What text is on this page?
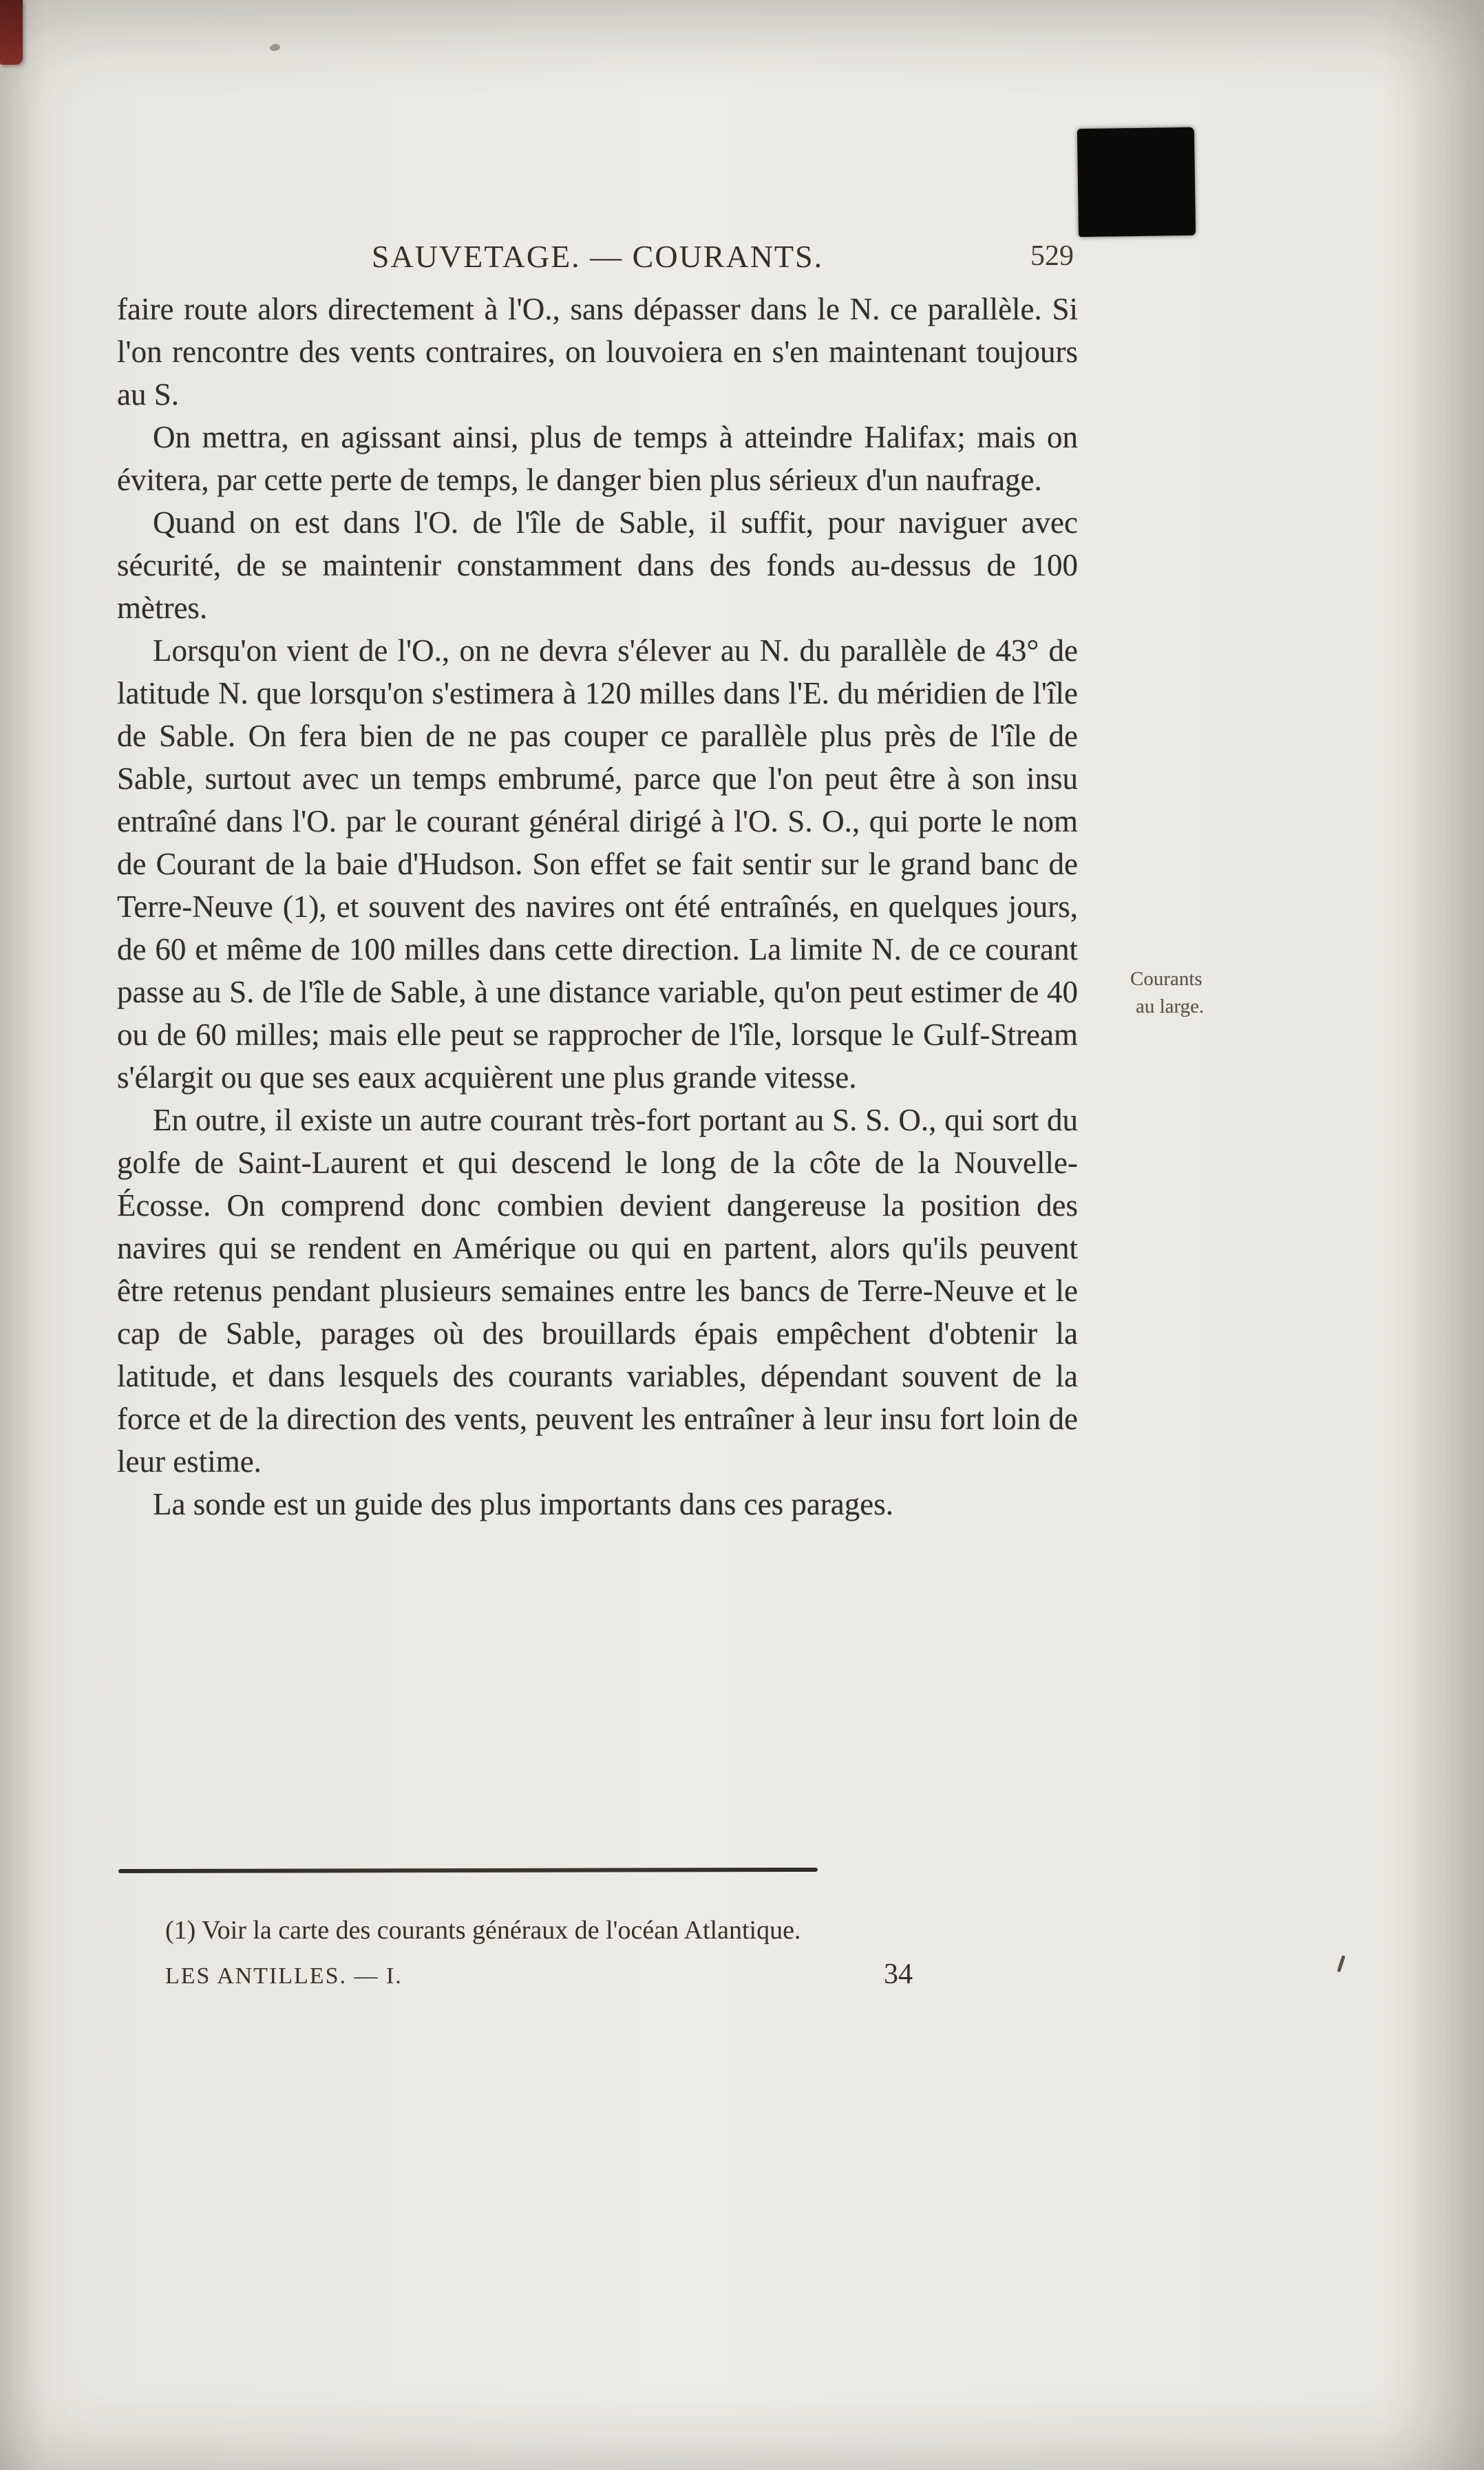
SAUVETAGE. — COURANTS.	529

faire route alors directement à l'O., sans dépasser dans le N. ce parallèle. Si l'on rencontre des vents contraires, on louvoiera en s'en maintenant toujours au S.

On mettra, en agissant ainsi, plus de temps à atteindre Halifax; mais on évitera, par cette perte de temps, le danger bien plus sérieux d'un naufrage.

Quand on est dans l'O. de l'île de Sable, il suffit, pour naviguer avec sécurité, de se maintenir constamment dans des fonds au-dessus de 100 mètres.

Lorsqu'on vient de l'O., on ne devra s'élever au N. du parallèle de 43° de latitude N. que lorsqu'on s'estimera à 120 milles dans l'E. du méridien de l'île de Sable. On fera bien de ne pas couper ce parallèle plus près de l'île de Sable, surtout avec un temps embrumé, parce que l'on peut être à son insu entraîné dans l'O. par le courant général dirigé à l'O. S. O., qui porte le nom de Courant de la baie d'Hudson. Son effet se fait sentir sur le grand banc de Terre-Neuve (1), et souvent des navires ont été entraînés, en quelques jours, de 60 et même de 100 milles dans cette direction. La limite N. de ce courant passe au S. de l'île de Sable, à une distance variable, qu'on peut estimer de 40 ou de 60 milles; mais elle peut se rapprocher de l'île, lorsque le Gulf-Stream s'élargit ou que ses eaux acquièrent une plus grande vitesse.

En outre, il existe un autre courant très-fort portant au S. S. O., qui sort du golfe de Saint-Laurent et qui descend le long de la côte de la Nouvelle-Écosse. On comprend donc combien devient dangereuse la position des navires qui se rendent en Amérique ou qui en partent, alors qu'ils peuvent être retenus pendant plusieurs semaines entre les bancs de Terre-Neuve et le cap de Sable, parages où des brouillards épais empêchent d'obtenir la latitude, et dans lesquels des courants variables, dépendant souvent de la force et de la direction des vents, peuvent les entraîner à leur insu fort loin de leur estime.

La sonde est un guide des plus importants dans ces parages.

Courants
au large.
(1) Voir la carte des courants généraux de l'océan Atlantique.
LES ANTILLES. — I.	34
